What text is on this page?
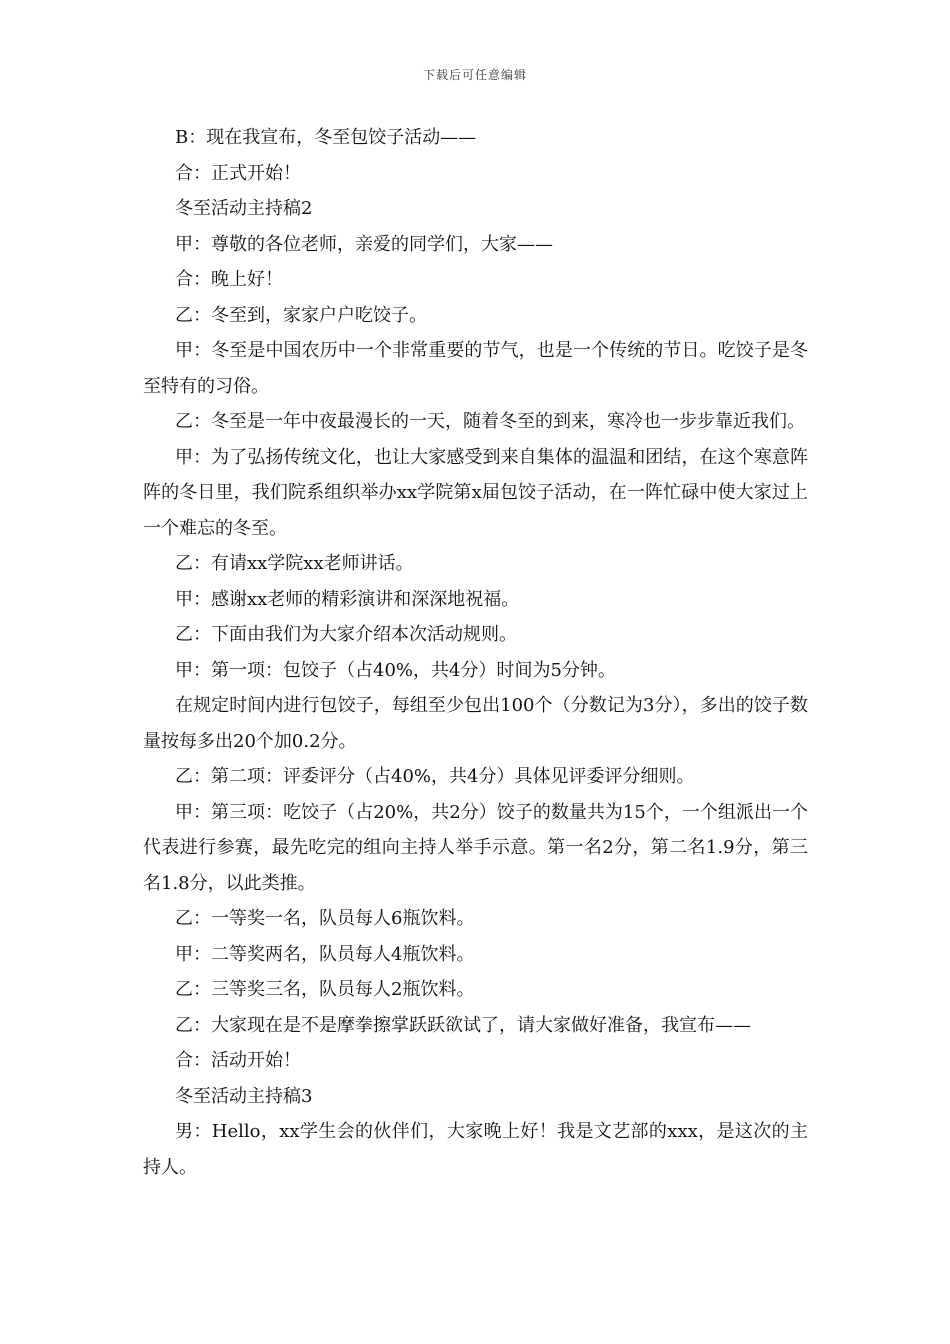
下载后可任意编辑

B：现在我宣布，冬至包饺子活动——

合：正式开始！

冬至活动主持稿2

甲：尊敬的各位老师，亲爱的同学们，大家——

合：晚上好！

乙：冬至到，家家户户吃饺子。

甲：冬至是中国农历中一个非常重要的节气，也是一个传统的节日。吃饺子是冬至特有的习俗。

乙：冬至是一年中夜最漫长的一天，随着冬至的到来，寒冷也一步步靠近我们。

甲：为了弘扬传统文化，也让大家感受到来自集体的温温和团结，在这个寒意阵阵的冬日里，我们院系组织举办xx学院第x届包饺子活动，在一阵忙碌中使大家过上一个难忘的冬至。

乙：有请xx学院xx老师讲话。

甲：感谢xx老师的精彩演讲和深深地祝福。

乙：下面由我们为大家介绍本次活动规则。

甲：第一项：包饺子（占40%，共4分）时间为5分钟。

在规定时间内进行包饺子，每组至少包出100个（分数记为3分），多出的饺子数量按每多出20个加0.2分。

乙：第二项：评委评分（占40%，共4分）具体见评委评分细则。

甲：第三项：吃饺子（占20%，共2分）饺子的数量共为15个，一个组派出一个代表进行参赛，最先吃完的组向主持人举手示意。第一名2分，第二名1.9分，第三名1.8分，以此类推。

乙：一等奖一名，队员每人6瓶饮料。

甲：二等奖两名，队员每人4瓶饮料。

乙：三等奖三名，队员每人2瓶饮料。

乙：大家现在是不是摩拳擦掌跃跃欲试了，请大家做好准备，我宣布——

合：活动开始！

冬至活动主持稿3

男：Hello，xx学生会的伙伴们，大家晚上好！我是文艺部的xxx，是这次的主持人。
